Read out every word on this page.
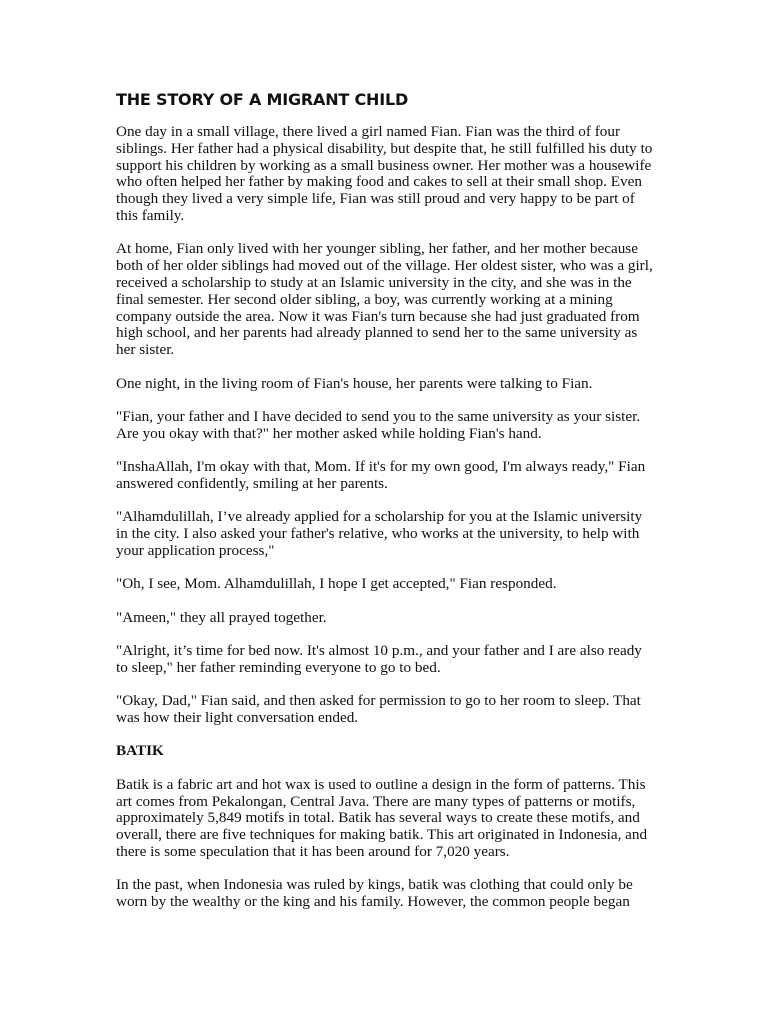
THE STORY OF A MIGRANT CHILD

One day in a small village, there lived a girl named Fian. Fian was the third of four siblings. Her father had a physical disability, but despite that, he still fulfilled his duty to support his children by working as a small business owner. Her mother was a housewife who often helped her father by making food and cakes to sell at their small shop. Even though they lived a very simple life, Fian was still proud and very happy to be part of this family.

At home, Fian only lived with her younger sibling, her father, and her mother because both of her older siblings had moved out of the village. Her oldest sister, who was a girl, received a scholarship to study at an Islamic university in the city, and she was in the final semester. Her second older sibling, a boy, was currently working at a mining company outside the area. Now it was Fian's turn because she had just graduated from high school, and her parents had already planned to send her to the same university as her sister.

One night, in the living room of Fian's house, her parents were talking to Fian.

"Fian, your father and I have decided to send you to the same university as your sister. Are you okay with that?" her mother asked while holding Fian's hand.

"InshaAllah, I'm okay with that, Mom. If it's for my own good, I'm always ready," Fian answered confidently, smiling at her parents.

"Alhamdulillah, I’ve already applied for a scholarship for you at the Islamic university in the city. I also asked your father's relative, who works at the university, to help with your application process,"

"Oh, I see, Mom. Alhamdulillah, I hope I get accepted," Fian responded.

"Ameen," they all prayed together.

"Alright, it’s time for bed now. It's almost 10 p.m., and your father and I are also ready to sleep," her father reminding everyone to go to bed.

"Okay, Dad," Fian said, and then asked for permission to go to her room to sleep. That was how their light conversation ended.

BATIK

Batik is a fabric art and hot wax is used to outline a design in the form of patterns. This art comes from Pekalongan, Central Java. There are many types of patterns or motifs, approximately 5,849 motifs in total. Batik has several ways to create these motifs, and overall, there are five techniques for making batik. This art originated in Indonesia, and there is some speculation that it has been around for 7,020 years.

In the past, when Indonesia was ruled by kings, batik was clothing that could only be worn by the wealthy or the king and his family. However, the common people began
